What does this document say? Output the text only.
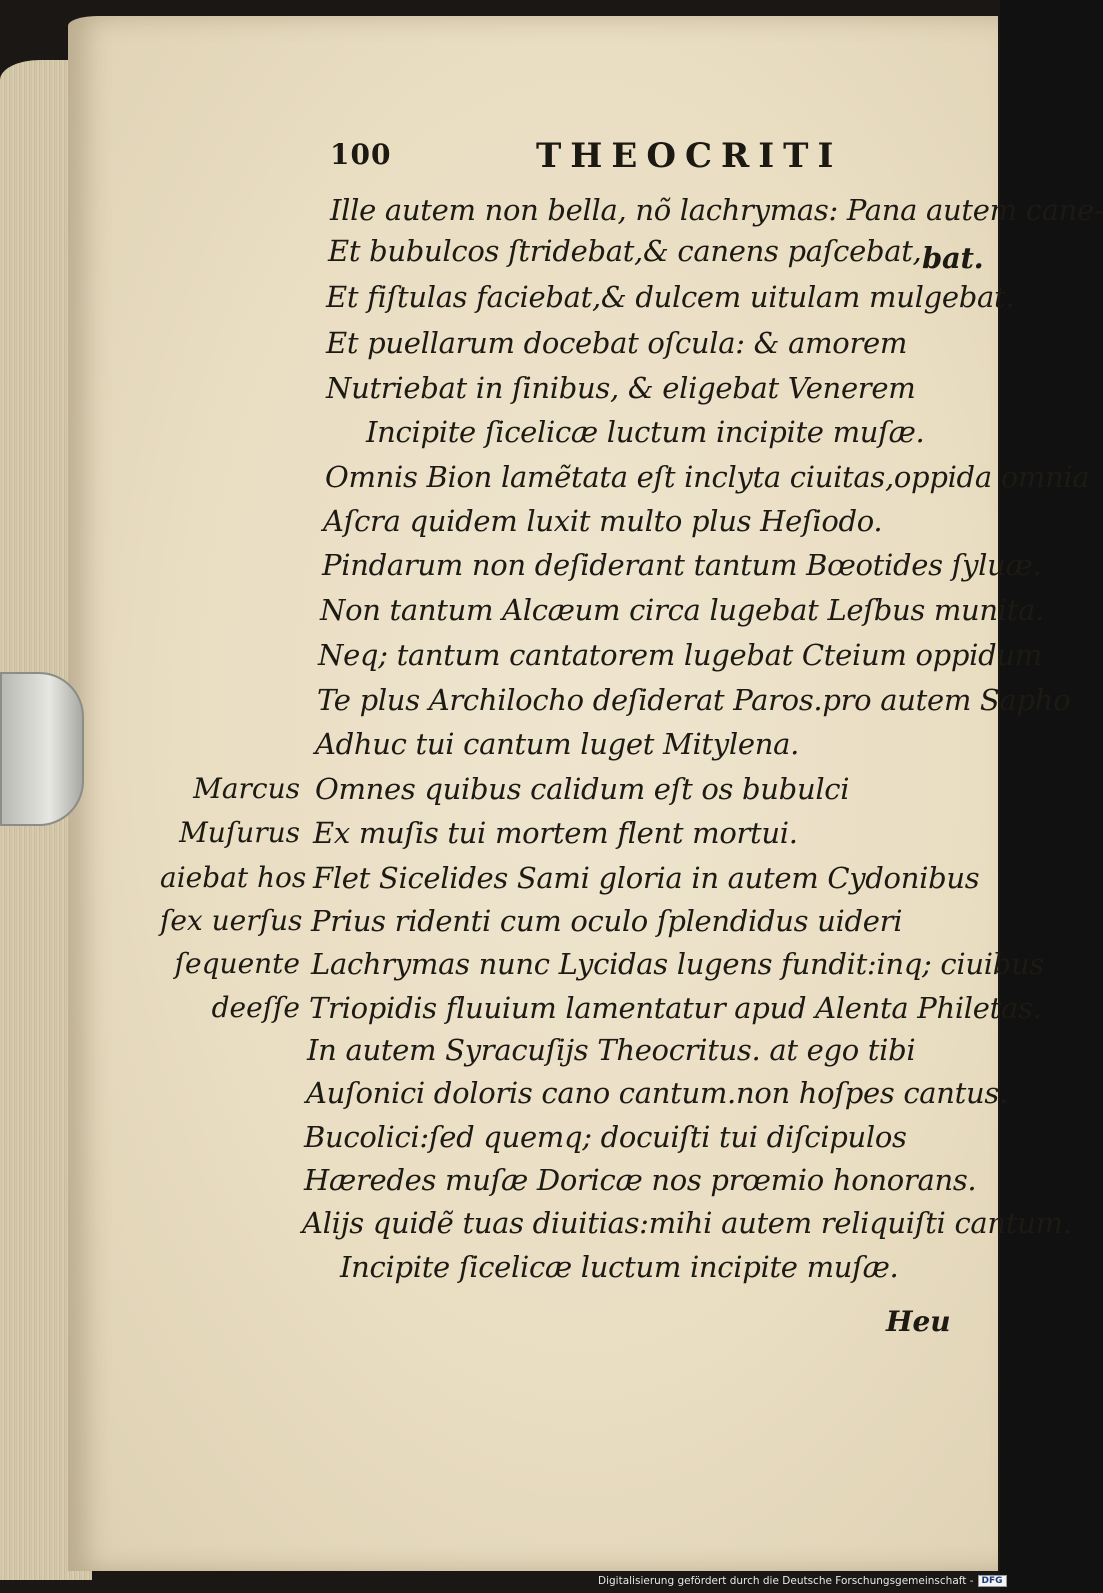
100	THEOCRITI
Ille autem non bella, nõ lachrymas: Pana autem cane-
bat.
Et bubulcos ſtridebat,& canens paſcebat,
Et fiſtulas faciebat,& dulcem uitulam mulgebat.
Et puellarum docebat oſcula: & amorem
Nutriebat in ſinibus, & eligebat Venerem
Incipite ſicelicæ luctum incipite muſæ.
Omnis Bion lamẽtata eſt inclyta ciuitas,oppida omnia
Aſcra quidem luxit multo plus Heſiodo.
Pindarum non deſiderant tantum Bœotides ſyluæ.
Non tantum Alcæum circa lugebat Leſbus munita.
Neq; tantum cantatorem lugebat Cteium oppidum
Te plus Archilocho deſiderat Paros.pro autem Sapho
Adhuc tui cantum luget Mitylena.
Omnes quibus calidum eſt os bubulci
Ex muſis tui mortem flent mortui.
Flet Sicelides Sami gloria in autem Cydonibus
Prius ridenti cum oculo ſplendidus uideri
Lachrymas nunc Lycidas lugens fundit:inq; ciuibus
Triopidis fluuium lamentatur apud Alenta Philetas.
In autem Syracuſijs Theocritus. at ego tibi
Auſonici doloris cano cantum.non hoſpes cantus.
Bucolici:ſed quemq; docuiſti tui diſcipulos
Hæredes muſæ Doricæ nos prœmio honorans.
Alijs quidẽ tuas diuitias:mihi autem reliquiſti cantum.
Incipite ſicelicæ luctum incipite muſæ.
Marcus
Muſurus
aiebat hos
ſex uerſus
ſequente
deeſſe
Heu
Digitalisierung gefördert durch die Deutsche Forschungsgemeinschaft - DFG
